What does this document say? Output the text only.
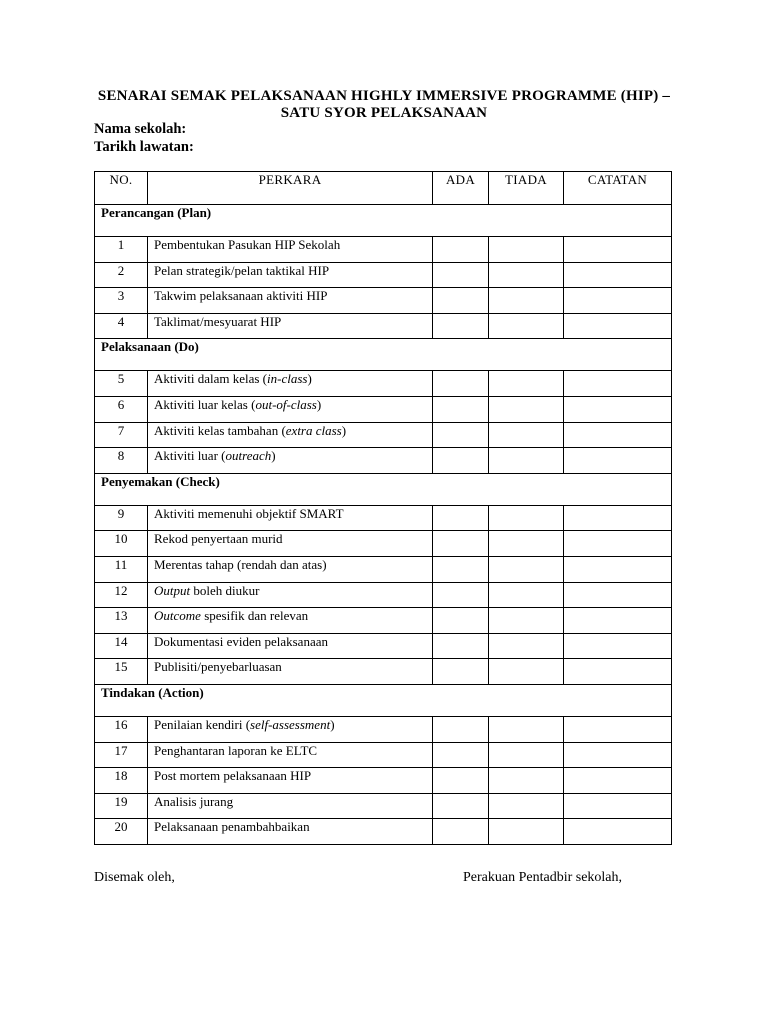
SENARAI SEMAK PELAKSANAAN HIGHLY IMMERSIVE PROGRAMME (HIP) –
SATU SYOR PELAKSANAAN
Nama sekolah:
Tarikh lawatan:
NO.	PERKARA	ADA	TIADA	CATATAN
Perancangan (Plan)				
1	Pembentukan Pasukan HIP Sekolah			
2	Pelan strategik/pelan taktikal HIP			
3	Takwim pelaksanaan aktiviti HIP			
4	Taklimat/mesyuarat HIP			
Pelaksanaan (Do)				
5	Aktiviti dalam kelas (in-class)			
6	Aktiviti luar kelas (out-of-class)			
7	Aktiviti kelas tambahan (extra class)			
8	Aktiviti luar (outreach)			
Penyemakan (Check)				
9	Aktiviti memenuhi objektif SMART			
10	Rekod penyertaan murid			
11	Merentas tahap (rendah dan atas)			
12	Output boleh diukur			
13	Outcome spesifik dan relevan			
14	Dokumentasi eviden pelaksanaan			
15	Publisiti/penyebarluasan			
Tindakan (Action)				
16	Penilaian kendiri (self-assessment)			
17	Penghantaran laporan ke ELTC			
18	Post mortem pelaksanaan HIP			
19	Analisis jurang			
20	Pelaksanaan penambahbaikan			
Disemak oleh,	Perakuan Pentadbir sekolah,
